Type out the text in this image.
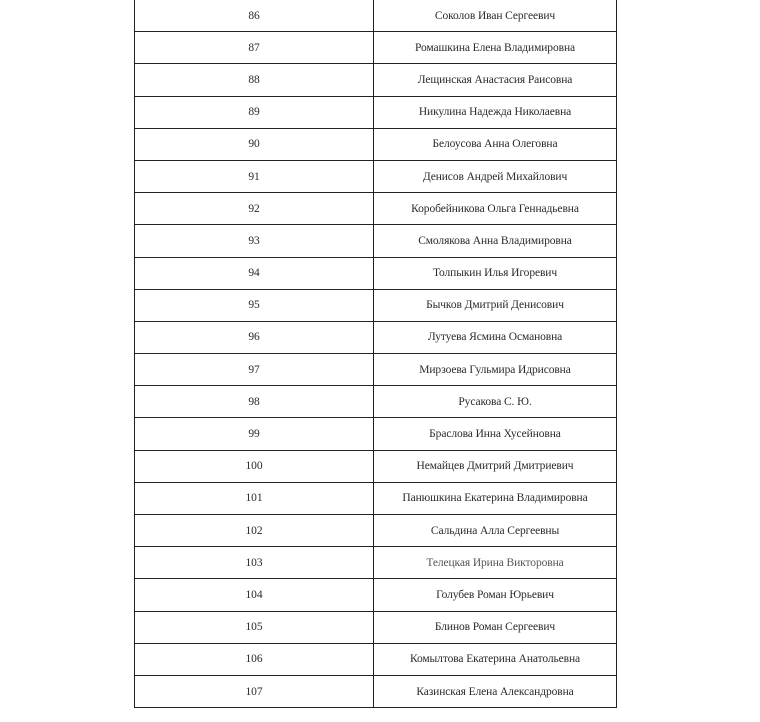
86	Соколов Иван Сергеевич
87	Ромашкина Елена Владимировна
88	Лещинская Анастасия Раисовна
89	Никулина Надежда Николаевна
90	Белоусова Анна Олеговна
91	Денисов Андрей Михайлович
92	Коробейникова Ольга Геннадьевна
93	Смолякова Анна Владимировна
94	Толпыкин Илья Игоревич
95	Бычков Дмитрий Денисович
96	Лутуева Ясмина Османовна
97	Мирзоева Гульмира Идрисовна
98	Русакова С. Ю.
99	Браслова Инна Хусейновна
100	Немайцев Дмитрий Дмитриевич
101	Панюшкина Екатерина Владимировна
102	Сальдина Алла Сергеевны
103	Телецкая Ирина Викторовна
104	Голубев Роман Юрьевич
105	Блинов Роман Сергеевич
106	Комылтова Екатерина Анатольевна
107	Казинская Елена Александровна
